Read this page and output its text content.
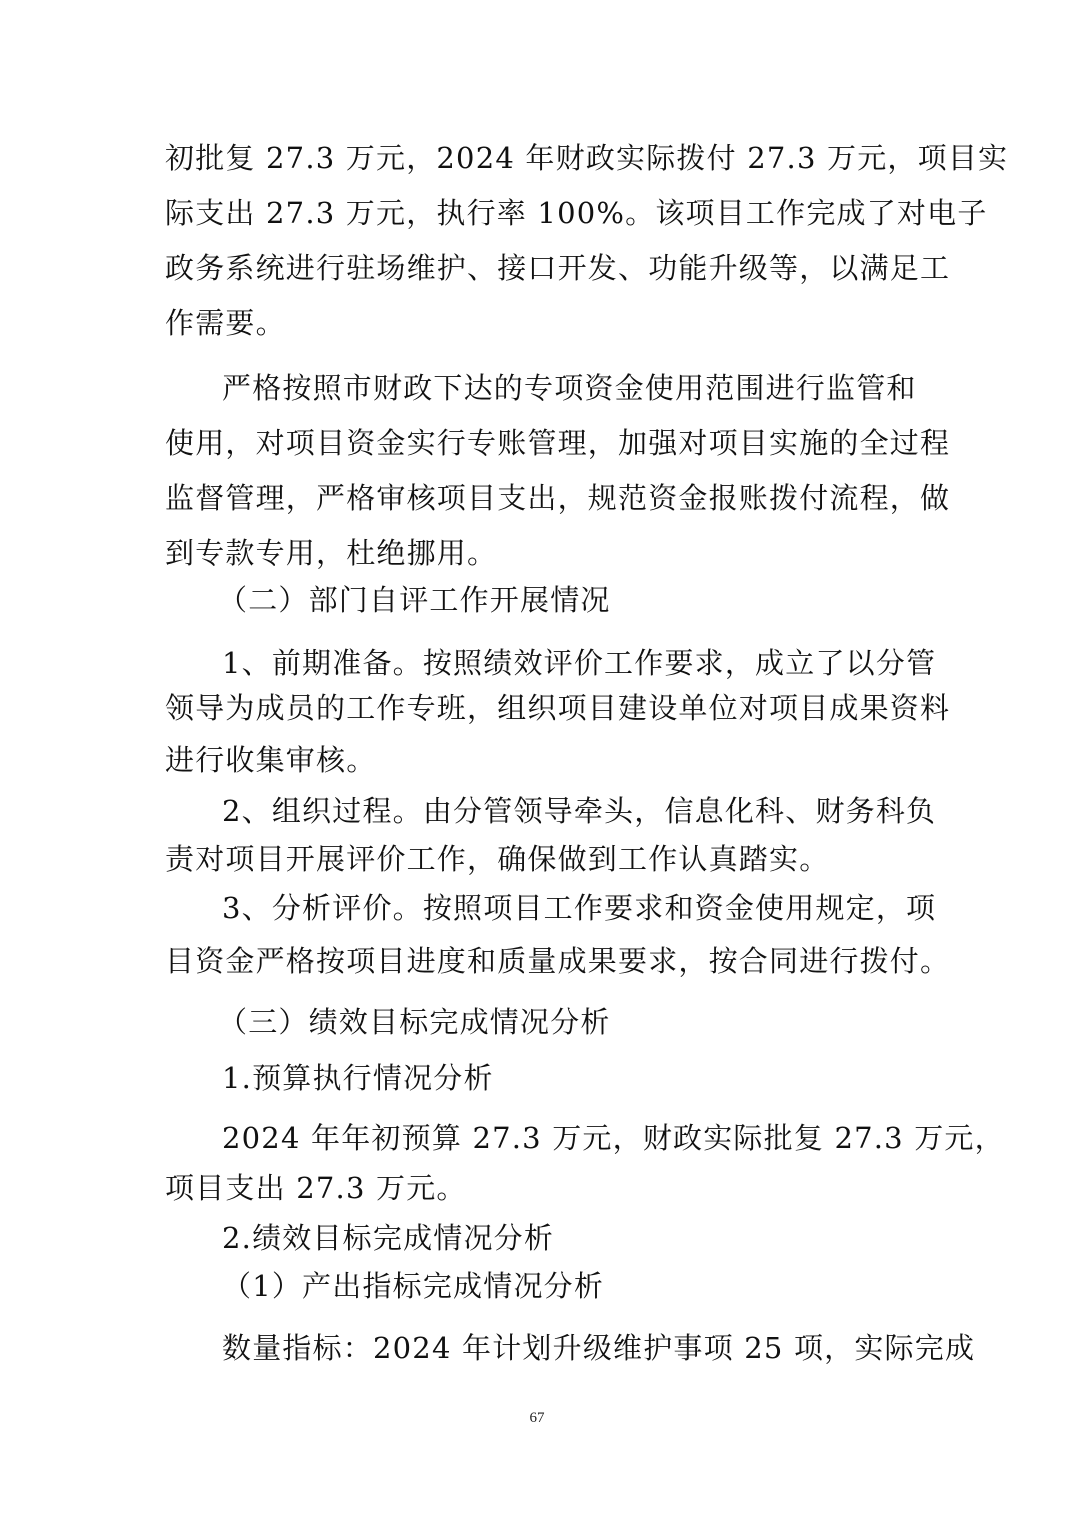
初批复 27.3 万元，2024 年财政实际拨付 27.3 万元，项目实
际支出 27.3 万元，执行率 100%。该项目工作完成了对电子
政务系统进行驻场维护、接口开发、功能升级等，以满足工
作需要。
严格按照市财政下达的专项资金使用范围进行监管和
使用，对项目资金实行专账管理，加强对项目实施的全过程
监督管理，严格审核项目支出，规范资金报账拨付流程，做
到专款专用，杜绝挪用。
（二）部门自评工作开展情况
1、前期准备。按照绩效评价工作要求，成立了以分管
领导为成员的工作专班，组织项目建设单位对项目成果资料
进行收集审核。
2、组织过程。由分管领导牵头，信息化科、财务科负
责对项目开展评价工作，确保做到工作认真踏实。
3、分析评价。按照项目工作要求和资金使用规定，项
目资金严格按项目进度和质量成果要求，按合同进行拨付。
（三）绩效目标完成情况分析
1.预算执行情况分析
2024 年年初预算 27.3 万元，财政实际批复 27.3 万元，
项目支出 27.3 万元。
2.绩效目标完成情况分析
（1）产出指标完成情况分析
数量指标：2024 年计划升级维护事项 25 项，实际完成
67
